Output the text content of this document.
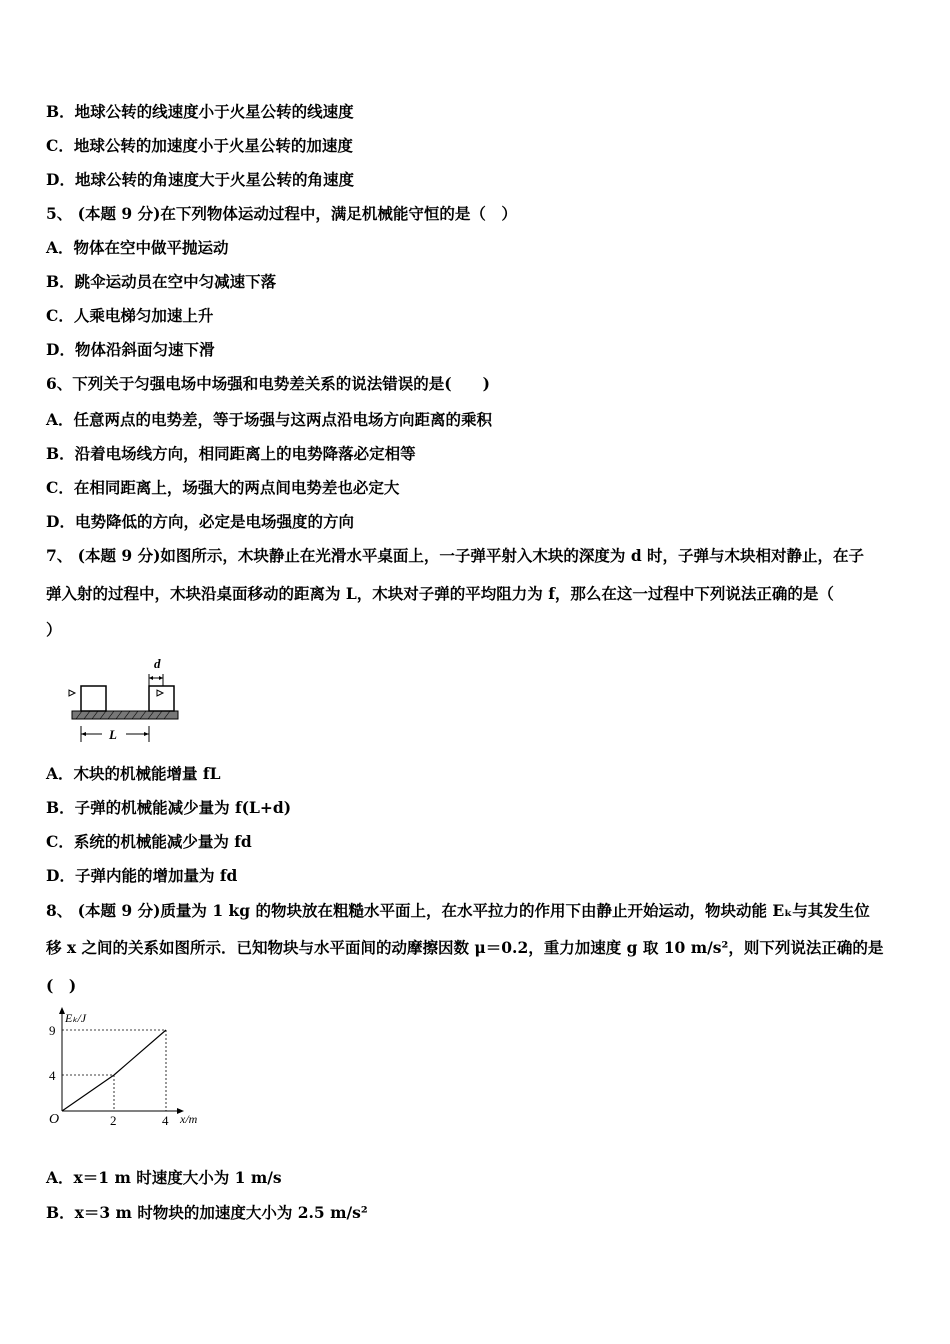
B．地球公转的线速度小于火星公转的线速度
C．地球公转的加速度小于火星公转的加速度
D．地球公转的角速度大于火星公转的角速度
5、 (本题 9 分)在下列物体运动过程中，满足机械能守恒的是（　）
A．物体在空中做平抛运动
B．跳伞运动员在空中匀减速下落
C．人乘电梯匀加速上升
D．物体沿斜面匀速下滑
6、下列关于匀强电场中场强和电势差关系的说法错误的是(　　)
A．任意两点的电势差，等于场强与这两点沿电场方向距离的乘积
B．沿着电场线方向，相同距离上的电势降落必定相等
C．在相同距离上，场强大的两点间电势差也必定大
D．电势降低的方向，必定是电场强度的方向
7、 (本题 9 分)如图所示，木块静止在光滑水平桌面上，一子弹平射入木块的深度为 d 时，子弹与木块相对静止，在子
弹入射的过程中，木块沿桌面移动的距离为 L，木块对子弹的平均阻力为 f，那么在这一过程中下列说法正确的是（
）
d
L
A．木块的机械能增量 fL
B．子弹的机械能减少量为 f(L+d)
C．系统的机械能减少量为 fd
D．子弹内能的增加量为 fd
8、 (本题 9 分)质量为 1 kg 的物块放在粗糙水平面上，在水平拉力的作用下由静止开始运动，物块动能 Eₖ与其发生位
移 x 之间的关系如图所示．已知物块与水平面间的动摩擦因数 μ＝0.2，重力加速度 g 取 10 m/s²，则下列说法正确的是
(　)
Eₖ/J
x/m
O	2	4
4
9
A．x＝1 m 时速度大小为 1 m/s
B．x＝3 m 时物块的加速度大小为 2.5 m/s²
